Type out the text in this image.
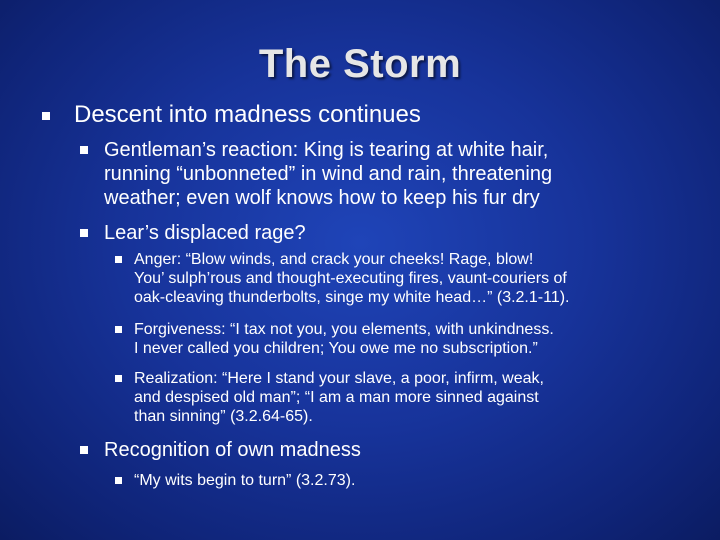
The Storm
Descent into madness continues
Gentleman’s reaction: King is tearing at white hair,
running “unbonneted” in wind and rain, threatening
weather; even wolf knows how to keep his fur dry
Lear’s displaced rage?
Anger: “Blow winds, and crack your cheeks! Rage, blow!
You’ sulph’rous and thought-executing fires, vaunt-couriers of
oak-cleaving thunderbolts, singe my white head…” (3.2.1-11).
Forgiveness: “I tax not you, you elements, with unkindness.
I never called you children; You owe me no subscription.”
Realization: “Here I stand your slave, a poor, infirm, weak,
and despised old man”; “I am a man more sinned against
than sinning” (3.2.64-65).
Recognition of own madness
“My wits begin to turn” (3.2.73).
